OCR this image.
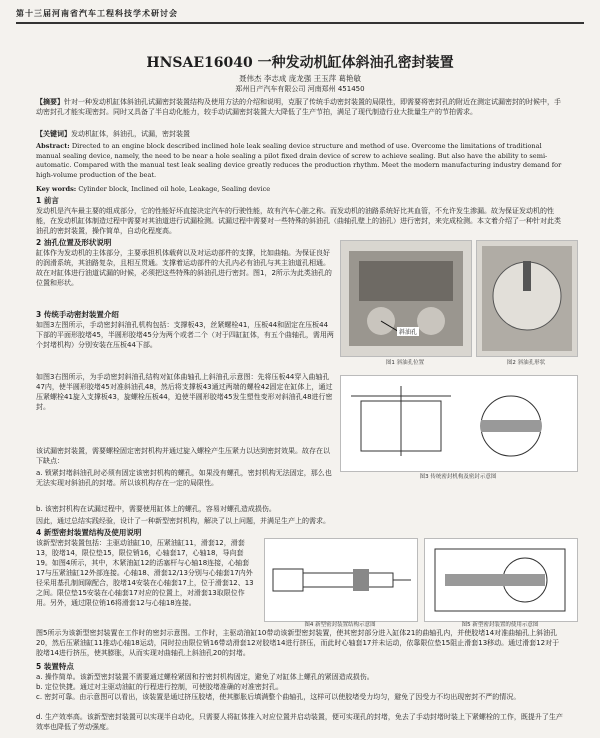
第十三届河南省汽车工程科技学术研讨会
HNSAE16040 一种发动机缸体斜油孔密封装置
聂伟杰 李志成 庞龙强 王玉萍 葛艳敏
郑州日产汽车有限公司 河南郑州 451450
【摘要】针对一种发动机缸体斜油孔试漏密封装置结构及使用方法的介绍和说明，克服了传统手动密封装置的局限性，即需要将密封孔的附近在测定试漏密封的时候中，手动密封孔才能实现密封。同时又具备了半自动化能力，较手动试漏密封装置大大降低了生产节拍，满足了现代制造行业大批量生产的节拍需求。
【关键词】发动机缸体，斜油孔，试漏，密封装置
Abstract: Directed to an engine block described inclined hole leak sealing device structure and method of use. Overcome the limitations of traditional manual sealing device, namely, the need to be near a hole sealing a pilot fixed drain device of screw to achieve sealing. But also have the ability to semi-automatic. Compared with the manual test leak sealing device greatly reduces the production rhythm. Meet the modern manufacturing industry demand for high-volume production of the beat.
Key words: Cylinder block, Inclined oil hole, Leakage, Sealing device
1 前言
发动机是汽车最主要的组成部分，它的性能好坏直接决定汽车的行驶性能，故有汽车心脏之称。而发动机的油路系统好比其血管，不允许发生渗漏。故为保证发动机的性能，在发动机缸体制造过程中需要对其油道进行试漏检测。试漏过程中需要对一些特殊的斜油孔（曲轴孔壁上的油孔）进行密封，来完成检测。本文着介绍了一种针对此类油孔的密封装置，操作简单，自动化程度高。
2 油孔位置及形状说明
缸体作为发动机的主体部分，主要承担机体载荷以及对运动部件的支撑，比如曲轴。为保证良好的润滑系统，其油路复杂，且相互贯通。支撑着运动部件的大孔内必有油孔与其主油道孔相通。故在对缸体进行油道试漏的时候，必须把这些特殊的斜油孔进行密封。图1，2所示为此类油孔的位置和形状。
3 传统手动密封装置介绍
如图3左图所示，手动密封斜油孔机构包括：支撑板43，丝紧螺栓41，压板44和固定在压板44下部的平面形胶堵45，半圆形胶堵45分为两个或者二个（对于四缸缸体，有五个曲轴孔，需用两个封堵机构）分别安装在压板44下部。
如图3右图所示，为手动密封斜油孔结构对缸体曲轴孔上斜油孔示意图：先将压板44穿入曲轴孔47内，使半圆形胶堵45对准斜油孔48，然后将支撑板43通过两端的螺栓42固定在缸体上，通过压紧螺栓41旋入支撑板43，旋螺栓压板44，迫使半圆形胶堵45发生塑性变形对斜油孔48进行密封。
该试漏密封装置，需要螺栓固定密封机构并通过旋入螺栓产生压紧力以达到密封效果。故存在以下缺点：
a. 锁紧封堵斜油孔时必须有固定该密封机构的螺孔，如果没有螺孔，密封机构无法固定，那么也无法实现对斜油孔的封堵。所以该机构存在一定的局限性。
b. 该密封机构在试漏过程中，需要使用缸体上的螺孔，容易对螺孔造成损伤。
因此，通过总结实践经验，设计了一种新型密封机构，解决了以上问题，并满足生产上的需求。
4 新型密封装置结构及使用说明
该新型密封装置包括：主驱动油缸10，压紧油缸11，滑套12，滑套13，胶堵14，限位垫15，限位销16，心轴套17，心轴18，导向套19。如图4所示，其中，木紧油缸12的活塞杆与心轴18连接，心轴套17与压紧油缸12外部连接。心轴18、滑套12/13分别与心轴套17内外径采用基孔制间隙配合，胶堵14安装在心轴套17上，位于滑套12、13之间。限位垫15安装在心轴套17对应的位置上，对滑套13取限位作用。另外，通过限位销16将滑套12与心轴18连接。
图5所示为该新型密封装置在工作时的密封示意图。工作时，主驱动油缸10带动该新型密封装置，使其密封部分进入缸体21的曲轴孔内，并使胶堵14对准曲轴孔上斜油孔20，然后压紧油缸11推动心轴18运动，同时拉由限位销16带动滑套12对胶堵14进行挤压，而此时心轴套17并未运动，依靠限位垫15阻止滑套13移动。通过滑套12对于胶堵14进行挤压，使其膨胀，从而实现对曲轴孔上斜油孔20的封堵。
5 装置特点
a. 操作简单。该新型密封装置不需要通过螺栓紧固和拧密封机构固定，避免了对缸体上螺孔的紧固造成损伤。
b. 定位快捷。通过对主驱动油缸的行程进行控制，可使胶堵准确的对准密封孔。
c. 密封可靠。由示意图可以看出，该装置是通过挤压胶堵，使其膨胀后填满整个曲轴孔，这样可以使胶堵受力均匀，避免了因受力不均出现密封不严的情况。
d. 生产效率高。该新型密封装置可以实现半自动化，只需要人将缸体推入对应位置并启动装置，便可实现孔的封堵，免去了手动封堵时装上下紧螺栓的工作，既提升了生产效率也降低了劳动强度。
斜油孔
图1 斜油孔位置	图2 斜油孔形状
图3 传统密封机构及密封示意图
图4 新型密封装置结构示意图	图5 新型密封装置的使用示意图
